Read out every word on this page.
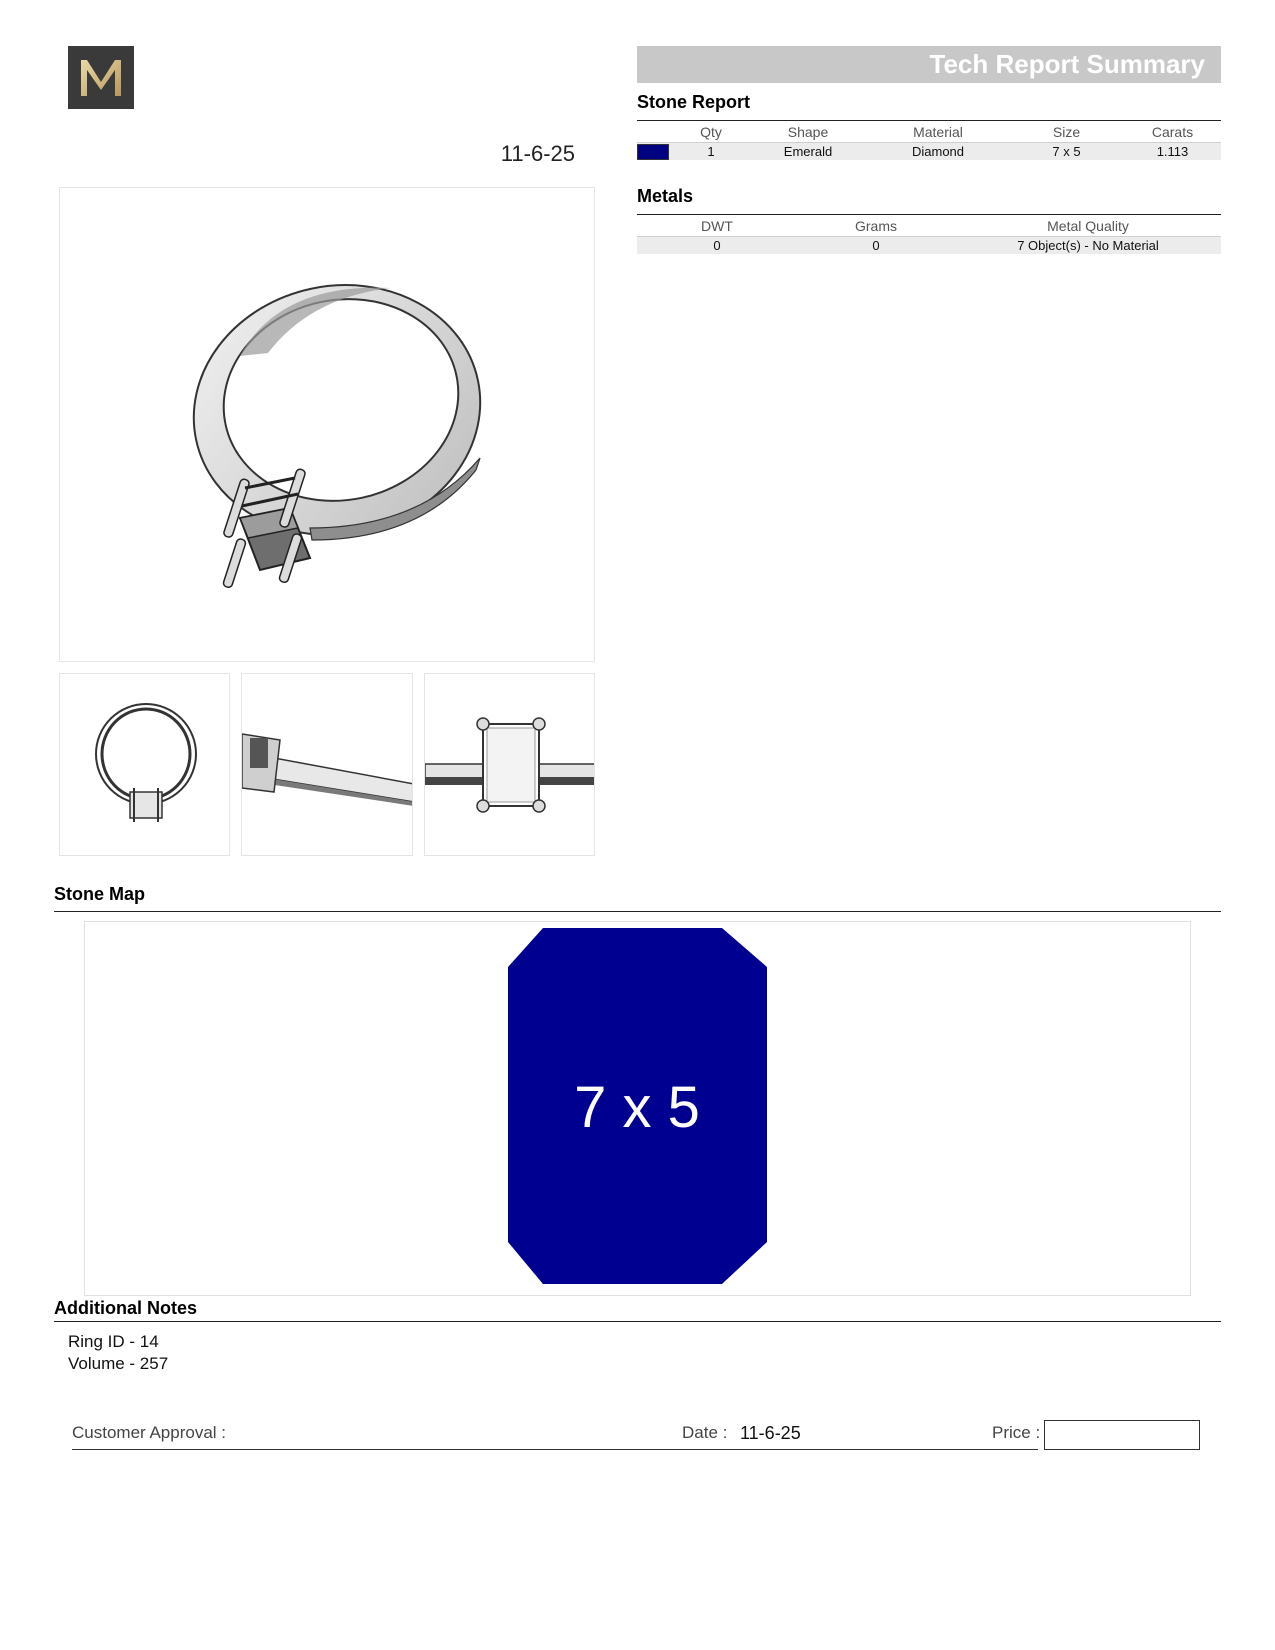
11-6-25
Tech Report Summary
Stone Report
	Qty	Shape	Material	Size	Carats
	1	Emerald	Diamond	7 x 5	1.113
Metals
DWT	Grams	Metal Quality
0	0	7 Object(s) - No Material
Stone Map
7 x 5
Additional Notes
Ring ID - 14
Volume - 257
Customer Approval :	Date : 11-6-25	Price :
